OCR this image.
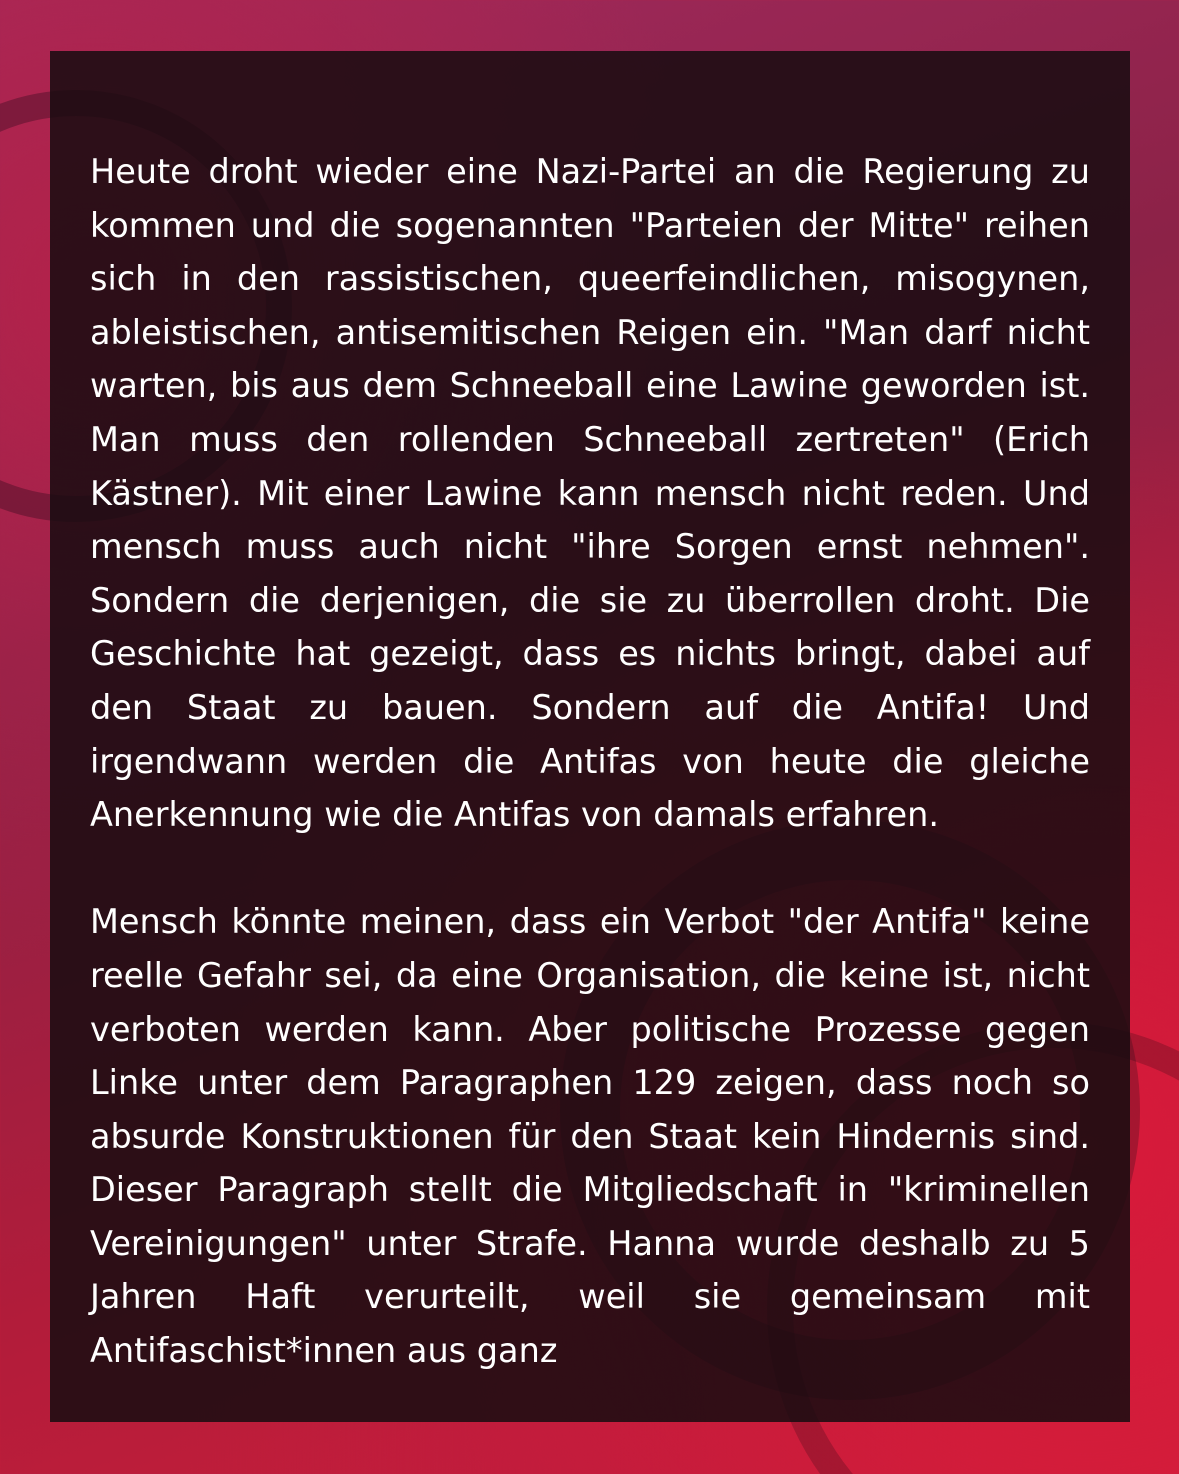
Heute droht wieder eine Nazi-Partei an die Regierung zu kommen und die sogenannten "Parteien der Mitte" reihen sich in den rassistischen, queerfeindlichen, misogynen, ableistischen, antisemitischen Reigen ein. "Man darf nicht warten, bis aus dem Schneeball eine Lawine geworden ist. Man muss den rollenden Schneeball zertreten" (Erich Kästner). Mit einer Lawine kann mensch nicht reden. Und mensch muss auch nicht "ihre Sorgen ernst nehmen". Sondern die derjenigen, die sie zu überrollen droht. Die Geschichte hat gezeigt, dass es nichts bringt, dabei auf den Staat zu bauen. Sondern auf die Antifa! Und irgendwann werden die Antifas von heute die gleiche Anerkennung wie die Antifas von damals erfahren.

Mensch könnte meinen, dass ein Verbot "der Antifa" keine reelle Gefahr sei, da eine Organisation, die keine ist, nicht verboten werden kann. Aber politische Prozesse gegen Linke unter dem Paragraphen 129 zeigen, dass noch so absurde Konstruktionen für den Staat kein Hindernis sind. Dieser Paragraph stellt die Mitgliedschaft in "kriminellen Vereinigungen" unter Strafe. Hanna wurde deshalb zu 5 Jahren Haft verurteilt, weil sie gemeinsam mit Antifaschist*innen aus ganz
